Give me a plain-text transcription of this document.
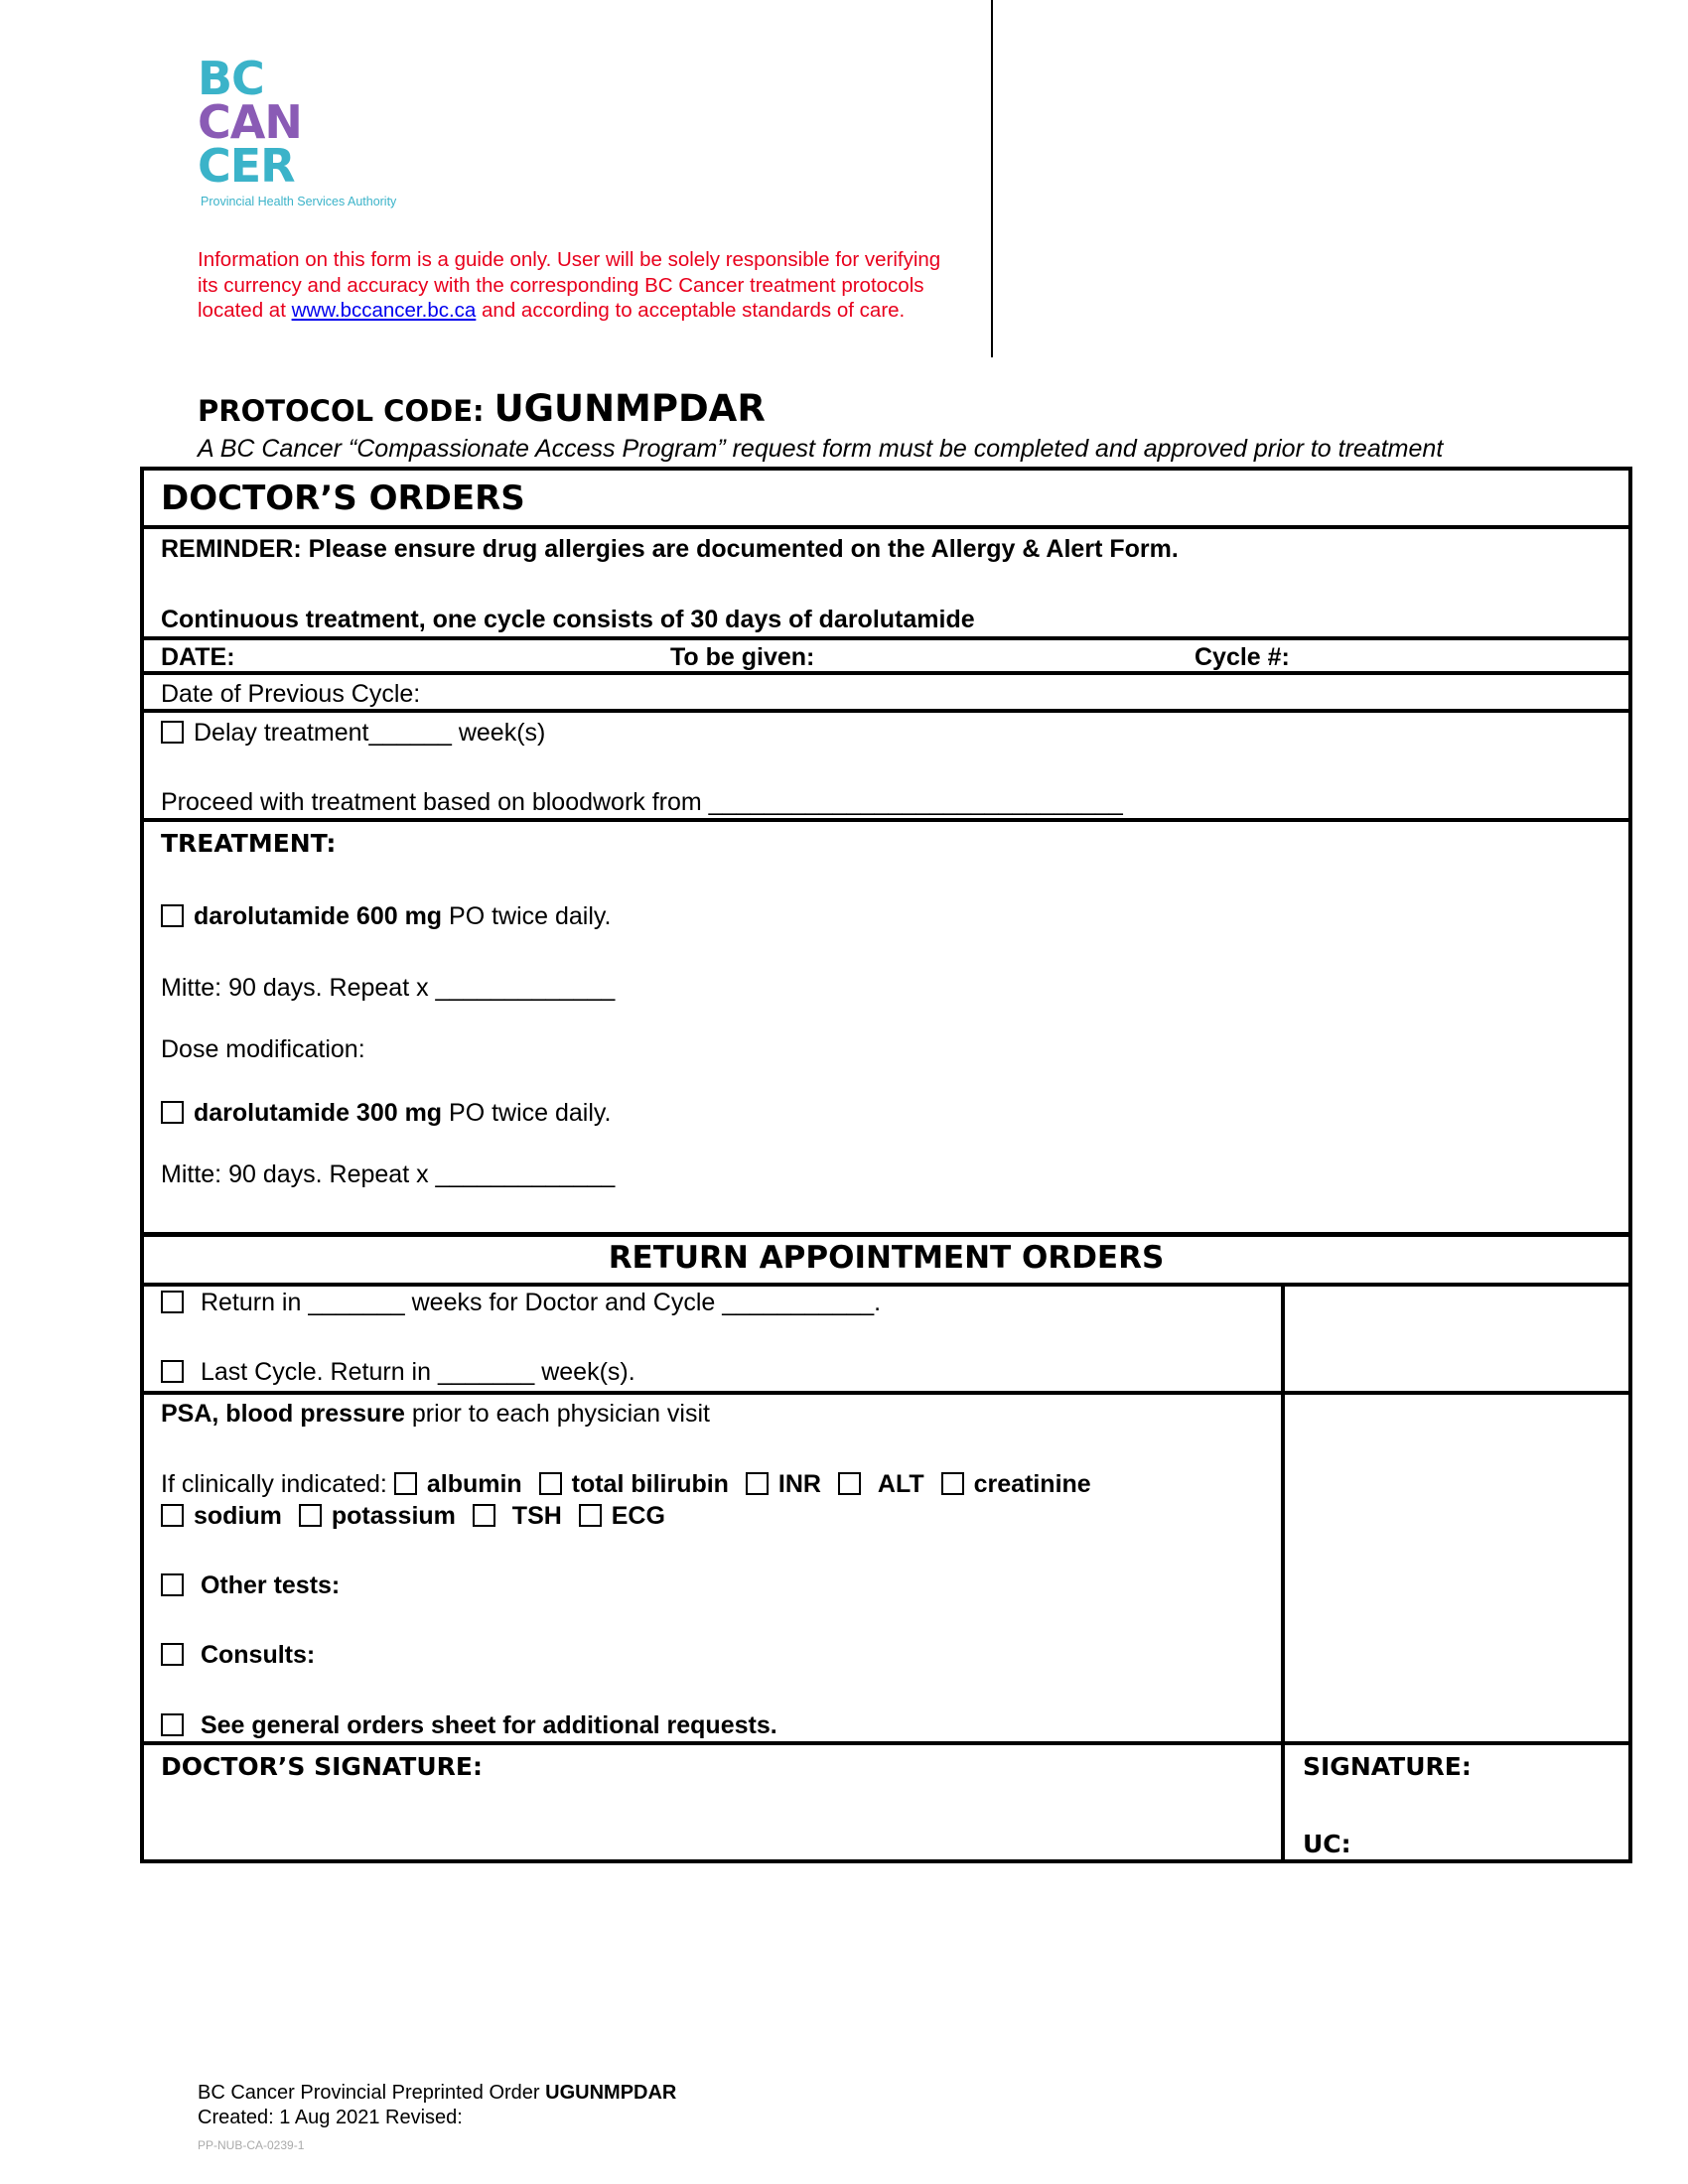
BC
CAN
CER
Provincial Health Services Authority
Information on this form is a guide only. User will be solely responsible for verifying its currency and accuracy with the corresponding BC Cancer treatment protocols located at www.bccancer.bc.ca and according to acceptable standards of care.
PROTOCOL CODE: UGUNMPDAR
A BC Cancer “Compassionate Access Program” request form must be completed and approved prior to treatment
DOCTOR’S ORDERS
REMINDER: Please ensure drug allergies are documented on the Allergy & Alert Form.
Continuous treatment, one cycle consists of 30 days of darolutamide
DATE:	To be given:	Cycle #:
Date of Previous Cycle:
Delay treatment______ week(s)
Proceed with treatment based on bloodwork from ______________________________
TREATMENT:
darolutamide 600 mg PO twice daily.
Mitte: 90 days. Repeat x _____________
Dose modification:
darolutamide 300 mg PO twice daily.
Mitte: 90 days. Repeat x _____________
RETURN APPOINTMENT ORDERS
Return in _______ weeks for Doctor and Cycle ___________.
Last Cycle. Return in _______ week(s).
PSA, blood pressure prior to each physician visit
If clinically indicated: albumin total bilirubin INR ALT creatinine
sodium potassium TSH ECG
Other tests:
Consults:
See general orders sheet for additional requests.
DOCTOR’S SIGNATURE:	SIGNATURE:
UC:
BC Cancer Provincial Preprinted Order UGUNMPDAR
Created: 1 Aug 2021 Revised:
PP-NUB-CA-0239-1
